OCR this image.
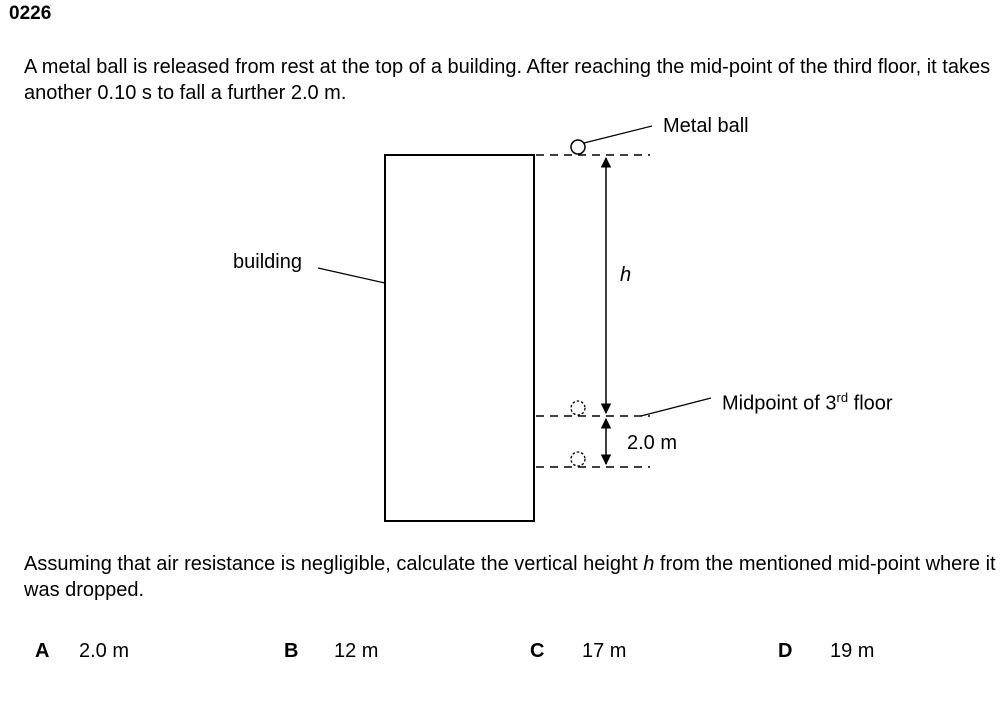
0226

A metal ball is released from rest at the top of a building. After reaching the mid-point of the third floor, it takes another 0.10 s to fall a further 2.0 m.

Metal ball
building
h
Midpoint of 3rd floor
2.0 m

Assuming that air resistance is negligible, calculate the vertical height h from the mentioned mid-point where it was dropped.

A 2.0 m	B 12 m	C 17 m	D 19 m
